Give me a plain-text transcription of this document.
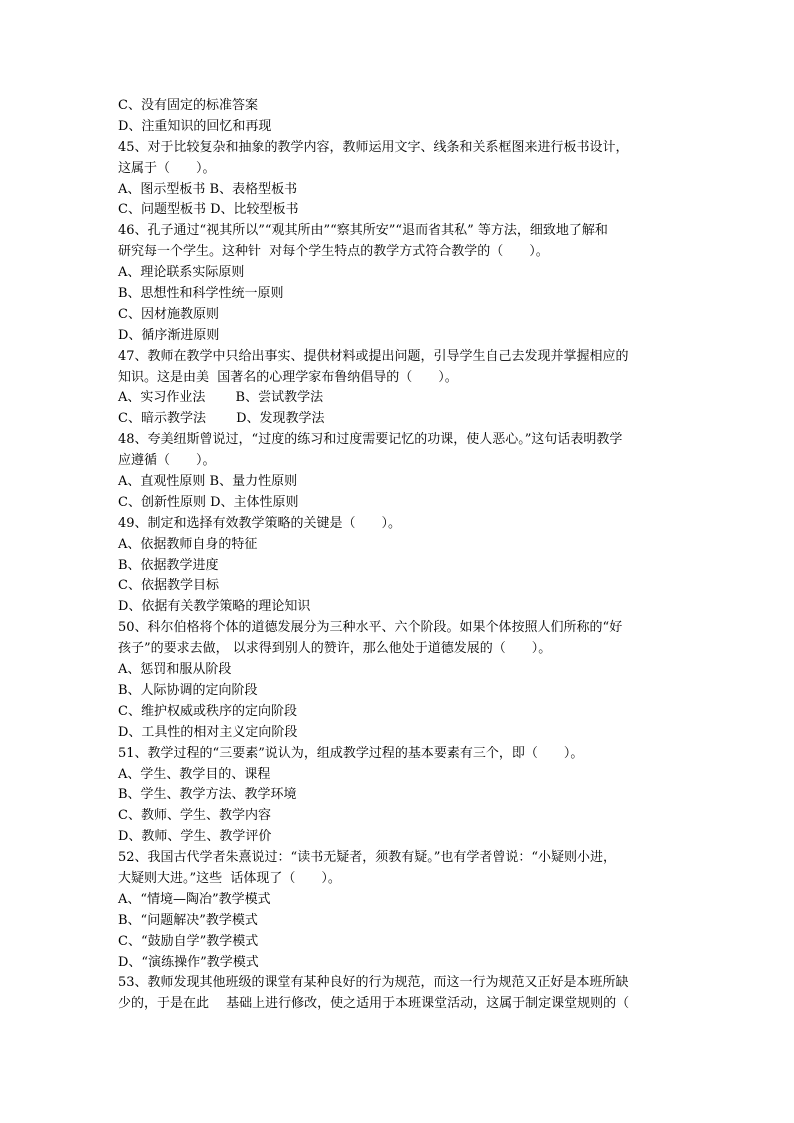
C、没有固定的标准答案
D、注重知识的回忆和再现
45、对于比较复杂和抽象的教学内容，教师运用文字、线条和关系框图来进行板书设计，
这属于（　　）。
A、图示型板书 B、表格型板书
C、问题型板书 D、比较型板书
46、孔子通过“视其所以”“观其所由”“察其所安”“退而省其私” 等方法，细致地了解和
研究每一个学生。这种针  对每个学生特点的教学方式符合教学的（　　）。
A、理论联系实际原则
B、思想性和科学性统一原则
C、因材施教原则
D、循序渐进原则
47、教师在教学中只给出事实、提供材料或提出问题，引导学生自己去发现并掌握相应的
知识。这是由美  国著名的心理学家布鲁纳倡导的（　　）。
A、实习作业法　　 B、尝试教学法
C、暗示教学法　　 D、发现教学法
48、夸美纽斯曾说过，“过度的练习和过度需要记忆的功课，使人恶心。”这句话表明教学
应遵循（　　）。
A、直观性原则 B、量力性原则
C、创新性原则 D、主体性原则
49、制定和选择有效教学策略的关键是（　　）。
A、依据教师自身的特征
B、依据教学进度
C、依据教学目标
D、依据有关教学策略的理论知识
50、科尔伯格将个体的道德发展分为三种水平、六个阶段。如果个体按照人们所称的“好
孩子”的要求去做， 以求得到别人的赞许，那么他处于道德发展的（　　）。
A、惩罚和服从阶段
B、人际协调的定向阶段
C、维护权威或秩序的定向阶段
D、工具性的相对主义定向阶段
51、教学过程的“三要素”说认为，组成教学过程的基本要素有三个，即（　　）。
A、学生、教学目的、课程
B、学生、教学方法、教学环境
C、教师、学生、教学内容
D、教师、学生、教学评价
52、我国古代学者朱熹说过：“读书无疑者，须教有疑。”也有学者曾说：“小疑则小进，
大疑则大进。”这些  话体现了（　　）。
A、“情境—陶冶”教学模式
B、“问题解决”教学模式
C、“鼓励自学”教学模式
D、“演练操作”教学模式
53、教师发现其他班级的课堂有某种良好的行为规范，而这一行为规范又正好是本班所缺
少的，于是在此　 基础上进行修改，使之适用于本班课堂活动，这属于制定课堂规则的（
